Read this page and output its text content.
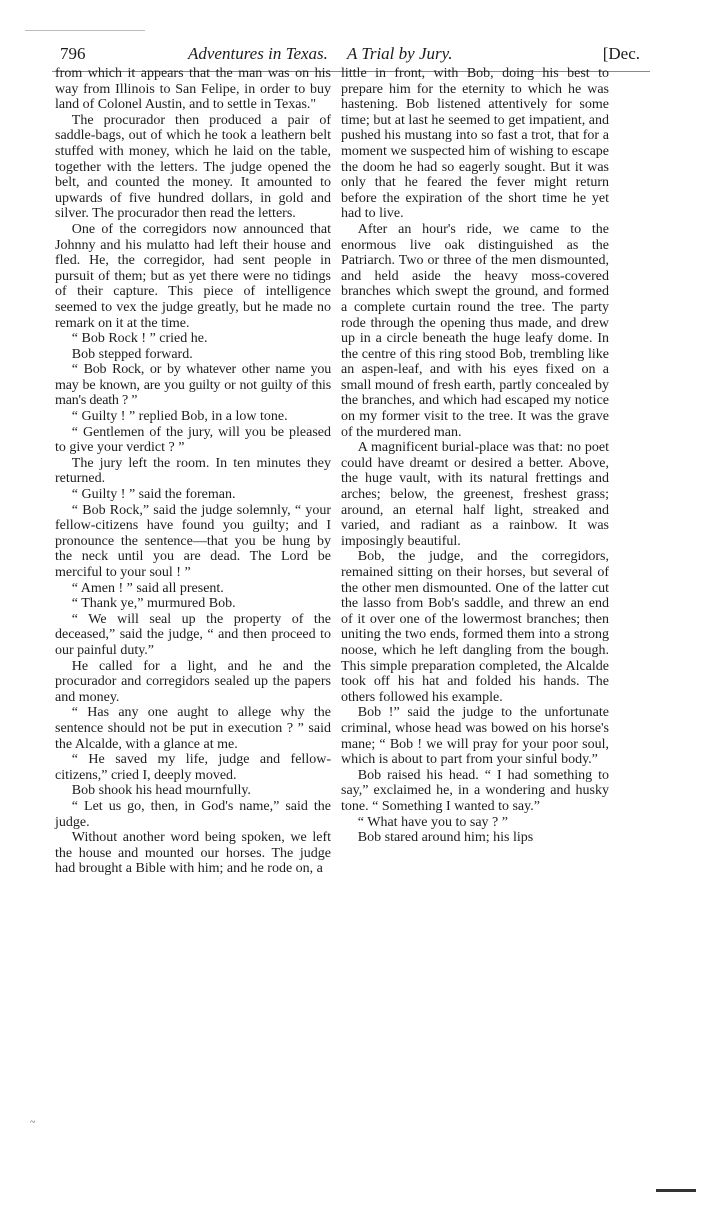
796	Adventures in Texas. A Trial by Jury.	[Dec.

from which it appears that the man was on his way from Illinois to San Felipe, in order to buy land of Colonel Austin, and to settle in Texas."

The procurador then produced a pair of saddle-bags, out of which he took a leathern belt stuffed with money, which he laid on the table, together with the letters. The judge opened the belt, and counted the money. It amounted to upwards of five hundred dollars, in gold and silver. The procurador then read the letters.

One of the corregidors now announced that Johnny and his mulatto had left their house and fled. He, the corregidor, had sent people in pursuit of them; but as yet there were no tidings of their capture. This piece of intelligence seemed to vex the judge greatly, but he made no remark on it at the time.

“ Bob Rock ! ” cried he.

Bob stepped forward.

“ Bob Rock, or by whatever other name you may be known, are you guilty or not guilty of this man's death ? ”

“ Guilty ! ” replied Bob, in a low tone.

“ Gentlemen of the jury, will you be pleased to give your verdict ? ”

The jury left the room. In ten minutes they returned.

“ Guilty ! ” said the foreman.

“ Bob Rock,” said the judge solemnly, “ your fellow-citizens have found you guilty; and I pronounce the sentence—that you be hung by the neck until you are dead. The Lord be merciful to your soul ! ”

“ Amen ! ” said all present.

“ Thank ye,” murmured Bob.

“ We will seal up the property of the deceased,” said the judge, “ and then proceed to our painful duty.”

He called for a light, and he and the procurador and corregidors sealed up the papers and money.

“ Has any one aught to allege why the sentence should not be put in execution ? ” said the Alcalde, with a glance at me.

“ He saved my life, judge and fellow-citizens,” cried I, deeply moved.

Bob shook his head mournfully.

“ Let us go, then, in God's name,” said the judge.

Without another word being spoken, we left the house and mounted our horses. The judge had brought a Bible with him; and he rode on, a

little in front, with Bob, doing his best to prepare him for the eternity to which he was hastening. Bob listened attentively for some time; but at last he seemed to get impatient, and pushed his mustang into so fast a trot, that for a moment we suspected him of wishing to escape the doom he had so eagerly sought. But it was only that he feared the fever might return before the expiration of the short time he yet had to live.

After an hour's ride, we came to the enormous live oak distinguished as the Patriarch. Two or three of the men dismounted, and held aside the heavy moss-covered branches which swept the ground, and formed a complete curtain round the tree. The party rode through the opening thus made, and drew up in a circle beneath the huge leafy dome. In the centre of this ring stood Bob, trembling like an aspen-leaf, and with his eyes fixed on a small mound of fresh earth, partly concealed by the branches, and which had escaped my notice on my former visit to the tree. It was the grave of the murdered man.

A magnificent burial-place was that: no poet could have dreamt or desired a better. Above, the huge vault, with its natural frettings and arches; below, the greenest, freshest grass; around, an eternal half light, streaked and varied, and radiant as a rainbow. It was imposingly beautiful.

Bob, the judge, and the corregidors, remained sitting on their horses, but several of the other men dismounted. One of the latter cut the lasso from Bob's saddle, and threw an end of it over one of the lowermost branches; then uniting the two ends, formed them into a strong noose, which he left dangling from the bough. This simple preparation completed, the Alcalde took off his hat and folded his hands. The others followed his example.

Bob !” said the judge to the unfortunate criminal, whose head was bowed on his horse's mane; “ Bob ! we will pray for your poor soul, which is about to part from your sinful body.”

Bob raised his head. “ I had something to say,” exclaimed he, in a wondering and husky tone. “ Something I wanted to say.”

“ What have you to say ? ”

Bob stared around him; his lips

~
